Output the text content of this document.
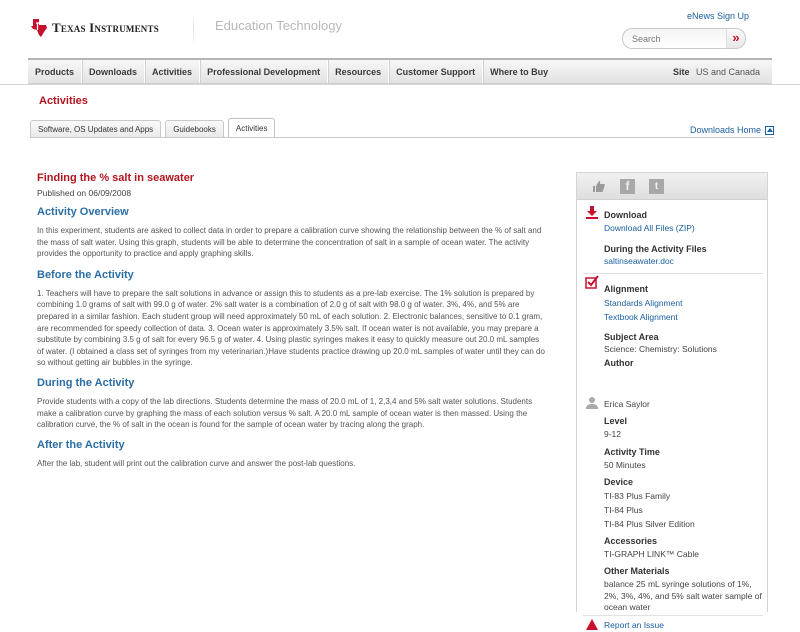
Texas Instruments	Education Technology
eNews Sign Up
Search
»
Products	Downloads	Activities	Professional Development	Resources	Customer Support	Where to Buy	Site US and Canada
Activities
Software, OS Updates and Apps	Guidebooks	Activities	Downloads Home
Finding the % salt in seawater
Published on 06/09/2008
Activity Overview

In this experiment, students are asked to collect data in order to prepare a calibration curve showing the relationship between the % of salt and the mass of salt water. Using this graph, students will be able to determine the concentration of salt in a sample of ocean water. The activity provides the opportunity to practice and apply graphing skills.

Before the Activity

1. Teachers will have to prepare the salt solutions in advance or assign this to students as a pre-lab exercise. The 1% solution is prepared by combining 1.0 grams of salt with 99.0 g of water. 2% salt water is a combination of 2.0 g of salt with 98.0 g of water. 3%, 4%, and 5% are prepared in a similar fashion. Each student group will need approximately 50 mL of each solution. 2. Electronic balances, sensitive to 0.1 gram, are recommended for speedy collection of data. 3. Ocean water is approximately 3.5% salt. If ocean water is not available, you may prepare a substitute by combining 3.5 g of salt for every 96.5 g of water. 4. Using plastic syringes makes it easy to quickly measure out 20.0 mL samples of water. (I obtained a class set of syringes from my veterinarian.)Have students practice drawing up 20.0 mL samples of water until they can do so without getting air bubbles in the syringe.

During the Activity

Provide students with a copy of the lab directions. Students determine the mass of 20.0 mL of 1, 2,3,4 and 5% salt water solutions. Students make a calibration curve by graphing the mass of each solution versus % salt. A 20.0 mL sample of ocean water is then massed. Using the calibration curve, the % of salt in the ocean is found for the sample of ocean water by tracing along the graph.

After the Activity

After the lab, student will print out the calibration curve and answer the post-lab questions.

f	t
Download
Download All Files (ZIP)
During the Activity Files
saltinseawater.doc
Alignment
Standards Alignment
Textbook Alignment
Subject Area
Science: Chemistry: Solutions
Author
Erica Saylor
Level
9-12
Activity Time
50 Minutes
Device
TI-83 Plus Family
TI-84 Plus
TI-84 Plus Silver Edition
Accessories
TI-GRAPH LINK™ Cable
Other Materials
balance 25 mL syringe solutions of 1%, 2%, 3%, 4%, and 5% salt water sample of ocean water
Report an Issue
